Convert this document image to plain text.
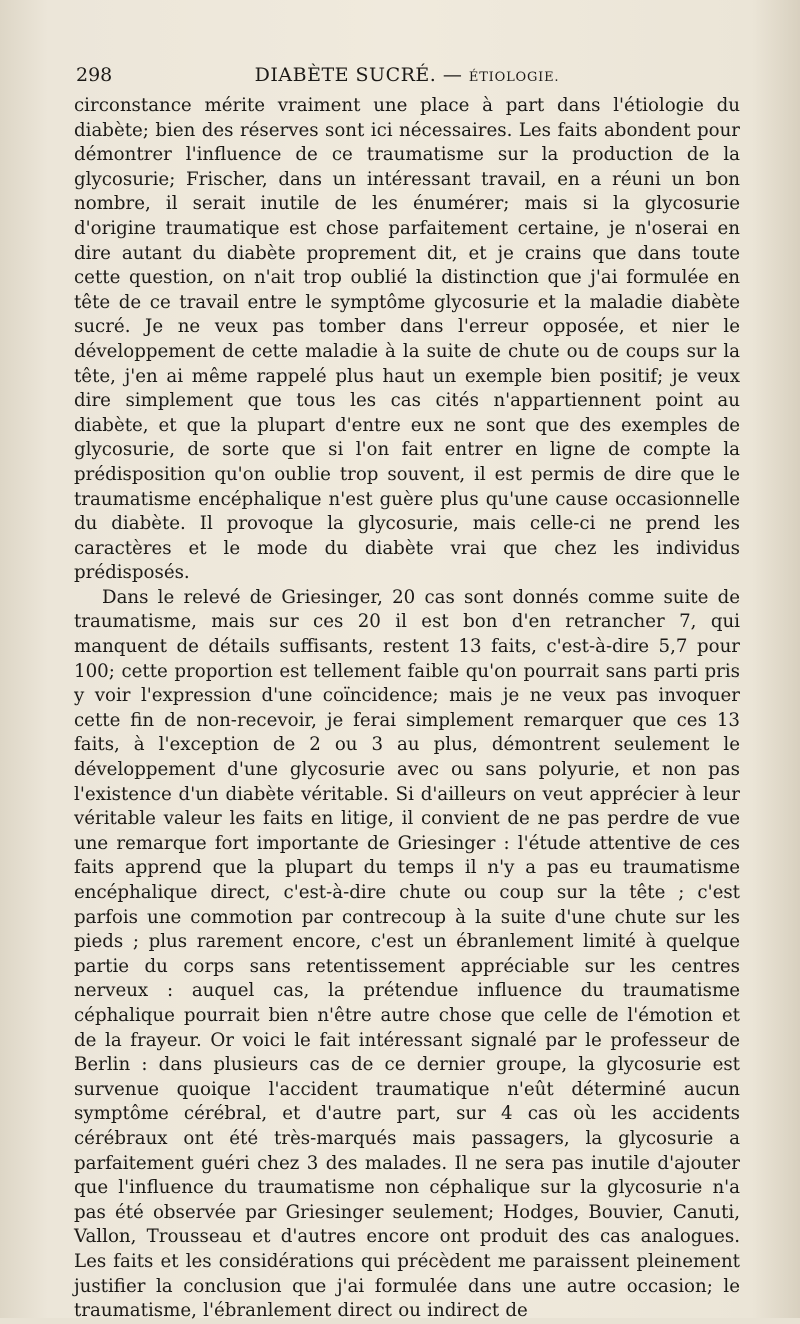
298	DIABÈTE SUCRÉ. — ÉTIOLOGIE.

circonstance mérite vraiment une place à part dans l'étiologie du diabète; bien des réserves sont ici nécessaires. Les faits abondent pour démontrer l'influence de ce traumatisme sur la production de la glycosurie; Frischer, dans un intéressant travail, en a réuni un bon nombre, il serait inutile de les énumérer; mais si la glycosurie d'origine traumatique est chose parfaitement certaine, je n'oserai en dire autant du diabète proprement dit, et je crains que dans toute cette question, on n'ait trop oublié la distinction que j'ai formulée en tête de ce travail entre le symptôme glycosurie et la maladie diabète sucré. Je ne veux pas tomber dans l'erreur opposée, et nier le développement de cette maladie à la suite de chute ou de coups sur la tête, j'en ai même rappelé plus haut un exemple bien positif; je veux dire simplement que tous les cas cités n'appartiennent point au diabète, et que la plupart d'entre eux ne sont que des exemples de glycosurie, de sorte que si l'on fait entrer en ligne de compte la prédisposition qu'on oublie trop souvent, il est permis de dire que le traumatisme encéphalique n'est guère plus qu'une cause occasionnelle du diabète. Il provoque la glycosurie, mais celle-ci ne prend les caractères et le mode du diabète vrai que chez les individus prédisposés.

Dans le relevé de Griesinger, 20 cas sont donnés comme suite de traumatisme, mais sur ces 20 il est bon d'en retrancher 7, qui manquent de détails suffisants, restent 13 faits, c'est-à-dire 5,7 pour 100; cette proportion est tellement faible qu'on pourrait sans parti pris y voir l'expression d'une coïncidence; mais je ne veux pas invoquer cette fin de non-recevoir, je ferai simplement remarquer que ces 13 faits, à l'exception de 2 ou 3 au plus, démontrent seulement le développement d'une glycosurie avec ou sans polyurie, et non pas l'existence d'un diabète véritable. Si d'ailleurs on veut apprécier à leur véritable valeur les faits en litige, il convient de ne pas perdre de vue une remarque fort importante de Griesinger : l'étude attentive de ces faits apprend que la plupart du temps il n'y a pas eu traumatisme encéphalique direct, c'est-à-dire chute ou coup sur la tête ; c'est parfois une commotion par contrecoup à la suite d'une chute sur les pieds ; plus rarement encore, c'est un ébranlement limité à quelque partie du corps sans retentissement appréciable sur les centres nerveux : auquel cas, la prétendue influence du traumatisme céphalique pourrait bien n'être autre chose que celle de l'émotion et de la frayeur. Or voici le fait intéressant signalé par le professeur de Berlin : dans plusieurs cas de ce dernier groupe, la glycosurie est survenue quoique l'accident traumatique n'eût déterminé aucun symptôme cérébral, et d'autre part, sur 4 cas où les accidents cérébraux ont été très-marqués mais passagers, la glycosurie a parfaitement guéri chez 3 des malades. Il ne sera pas inutile d'ajouter que l'influence du traumatisme non céphalique sur la glycosurie n'a pas été observée par Griesinger seulement; Hodges, Bouvier, Canuti, Vallon, Trousseau et d'autres encore ont produit des cas analogues. Les faits et les considérations qui précèdent me paraissent pleinement justifier la conclusion que j'ai formulée dans une autre occasion; le traumatisme, l'ébranlement direct ou indirect de
